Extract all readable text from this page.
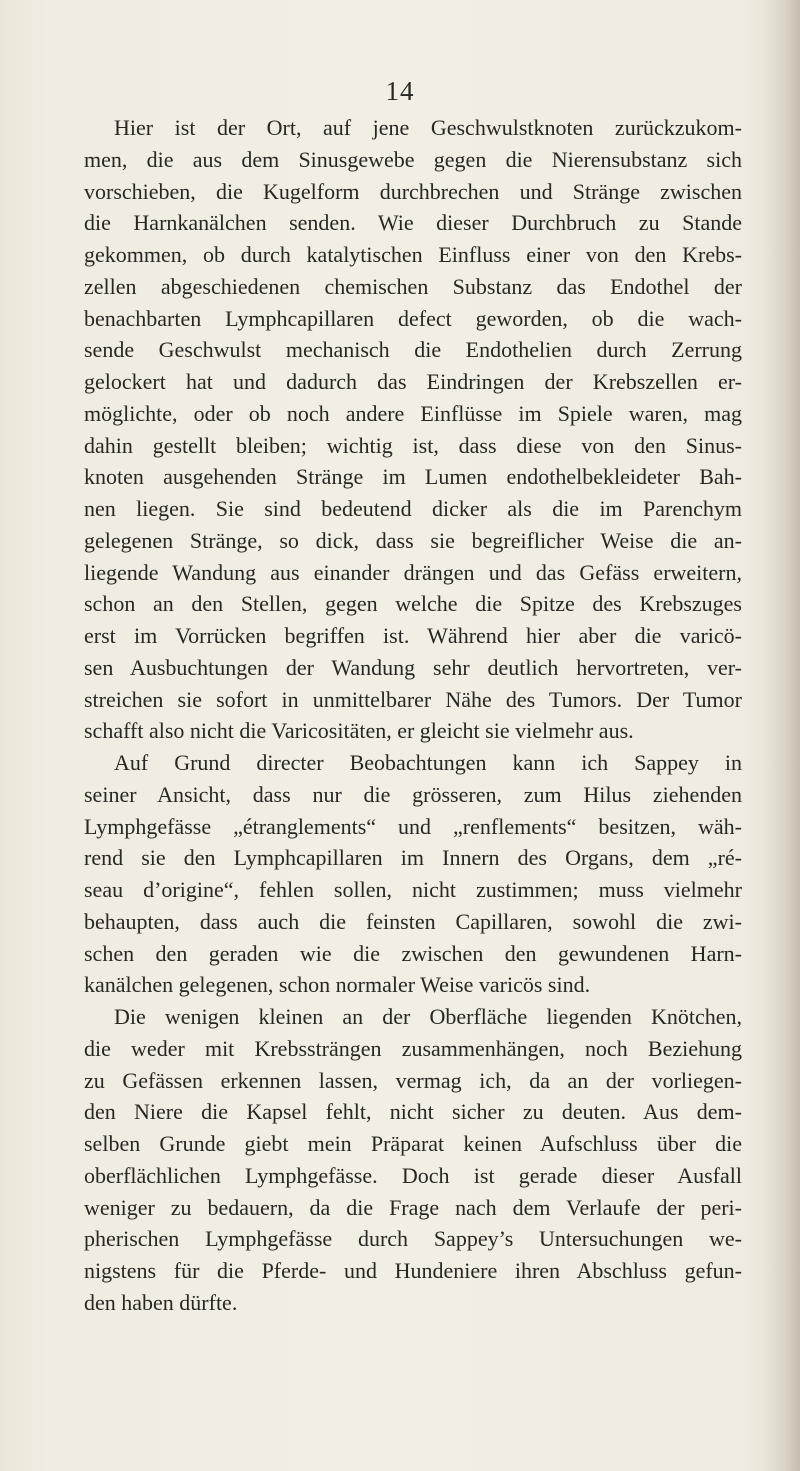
14
Hier ist der Ort, auf jene Geschwulstknoten zurückzukom-
men, die aus dem Sinusgewebe gegen die Nierensubstanz sich
vorschieben, die Kugelform durchbrechen und Stränge zwischen
die Harnkanälchen senden. Wie dieser Durchbruch zu Stande
gekommen, ob durch katalytischen Einfluss einer von den Krebs-
zellen abgeschiedenen chemischen Substanz das Endothel der
benachbarten Lymphcapillaren defect geworden, ob die wach-
sende Geschwulst mechanisch die Endothelien durch Zerrung
gelockert hat und dadurch das Eindringen der Krebszellen er-
möglichte, oder ob noch andere Einflüsse im Spiele waren, mag
dahin gestellt bleiben; wichtig ist, dass diese von den Sinus-
knoten ausgehenden Stränge im Lumen endothelbekleideter Bah-
nen liegen. Sie sind bedeutend dicker als die im Parenchym
gelegenen Stränge, so dick, dass sie begreiflicher Weise die an-
liegende Wandung aus einander drängen und das Gefäss erweitern,
schon an den Stellen, gegen welche die Spitze des Krebszuges
erst im Vorrücken begriffen ist. Während hier aber die varicö-
sen Ausbuchtungen der Wandung sehr deutlich hervortreten, ver-
streichen sie sofort in unmittelbarer Nähe des Tumors. Der Tumor
schafft also nicht die Varicositäten, er gleicht sie vielmehr aus.
Auf Grund directer Beobachtungen kann ich Sappey in
seiner Ansicht, dass nur die grösseren, zum Hilus ziehenden
Lymphgefässe „étranglements“ und „renflements“ besitzen, wäh-
rend sie den Lymphcapillaren im Innern des Organs, dem „ré-
seau d’origine“, fehlen sollen, nicht zustimmen; muss vielmehr
behaupten, dass auch die feinsten Capillaren, sowohl die zwi-
schen den geraden wie die zwischen den gewundenen Harn-
kanälchen gelegenen, schon normaler Weise varicös sind.
Die wenigen kleinen an der Oberfläche liegenden Knötchen,
die weder mit Krebssträngen zusammenhängen, noch Beziehung
zu Gefässen erkennen lassen, vermag ich, da an der vorliegen-
den Niere die Kapsel fehlt, nicht sicher zu deuten. Aus dem-
selben Grunde giebt mein Präparat keinen Aufschluss über die
oberflächlichen Lymphgefässe. Doch ist gerade dieser Ausfall
weniger zu bedauern, da die Frage nach dem Verlaufe der peri-
pherischen Lymphgefässe durch Sappey’s Untersuchungen we-
nigstens für die Pferde- und Hundeniere ihren Abschluss gefun-
den haben dürfte.
